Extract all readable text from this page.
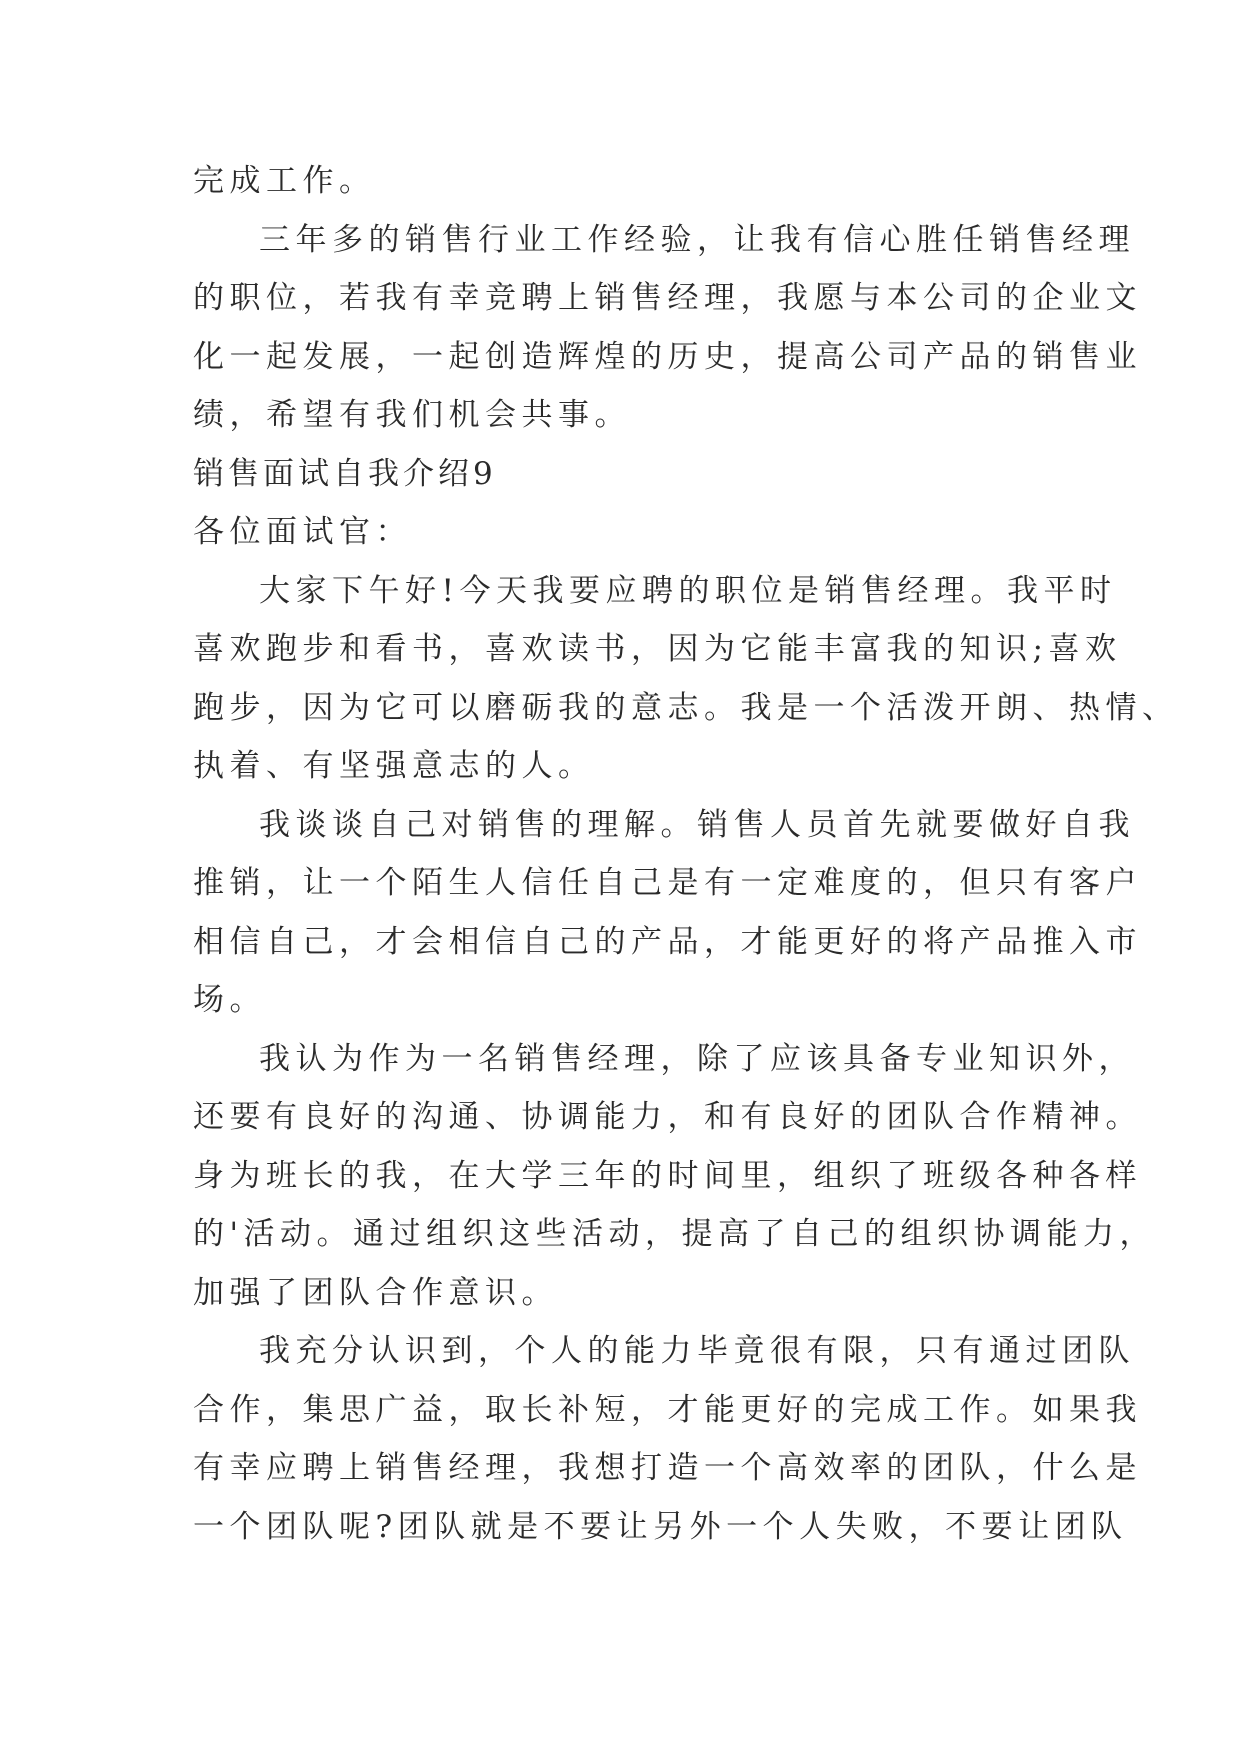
完成工作。
三年多的销售行业工作经验，让我有信心胜任销售经理
的职位，若我有幸竞聘上销售经理，我愿与本公司的企业文
化一起发展，一起创造辉煌的历史，提高公司产品的销售业
绩，希望有我们机会共事。
销售面试自我介绍9
各位面试官：
大家下午好!今天我要应聘的职位是销售经理。我平时
喜欢跑步和看书，喜欢读书，因为它能丰富我的知识;喜欢
跑步，因为它可以磨砺我的意志。我是一个活泼开朗、热情、
执着、有坚强意志的人。
我谈谈自己对销售的理解。销售人员首先就要做好自我
推销，让一个陌生人信任自己是有一定难度的，但只有客户
相信自己，才会相信自己的产品，才能更好的将产品推入市
场。
我认为作为一名销售经理，除了应该具备专业知识外，
还要有良好的沟通、协调能力，和有良好的团队合作精神。
身为班长的我，在大学三年的时间里，组织了班级各种各样
的'活动。通过组织这些活动，提高了自己的组织协调能力，
加强了团队合作意识。
我充分认识到，个人的能力毕竟很有限，只有通过团队
合作，集思广益，取长补短，才能更好的完成工作。如果我
有幸应聘上销售经理，我想打造一个高效率的团队，什么是
一个团队呢?团队就是不要让另外一个人失败，不要让团队
